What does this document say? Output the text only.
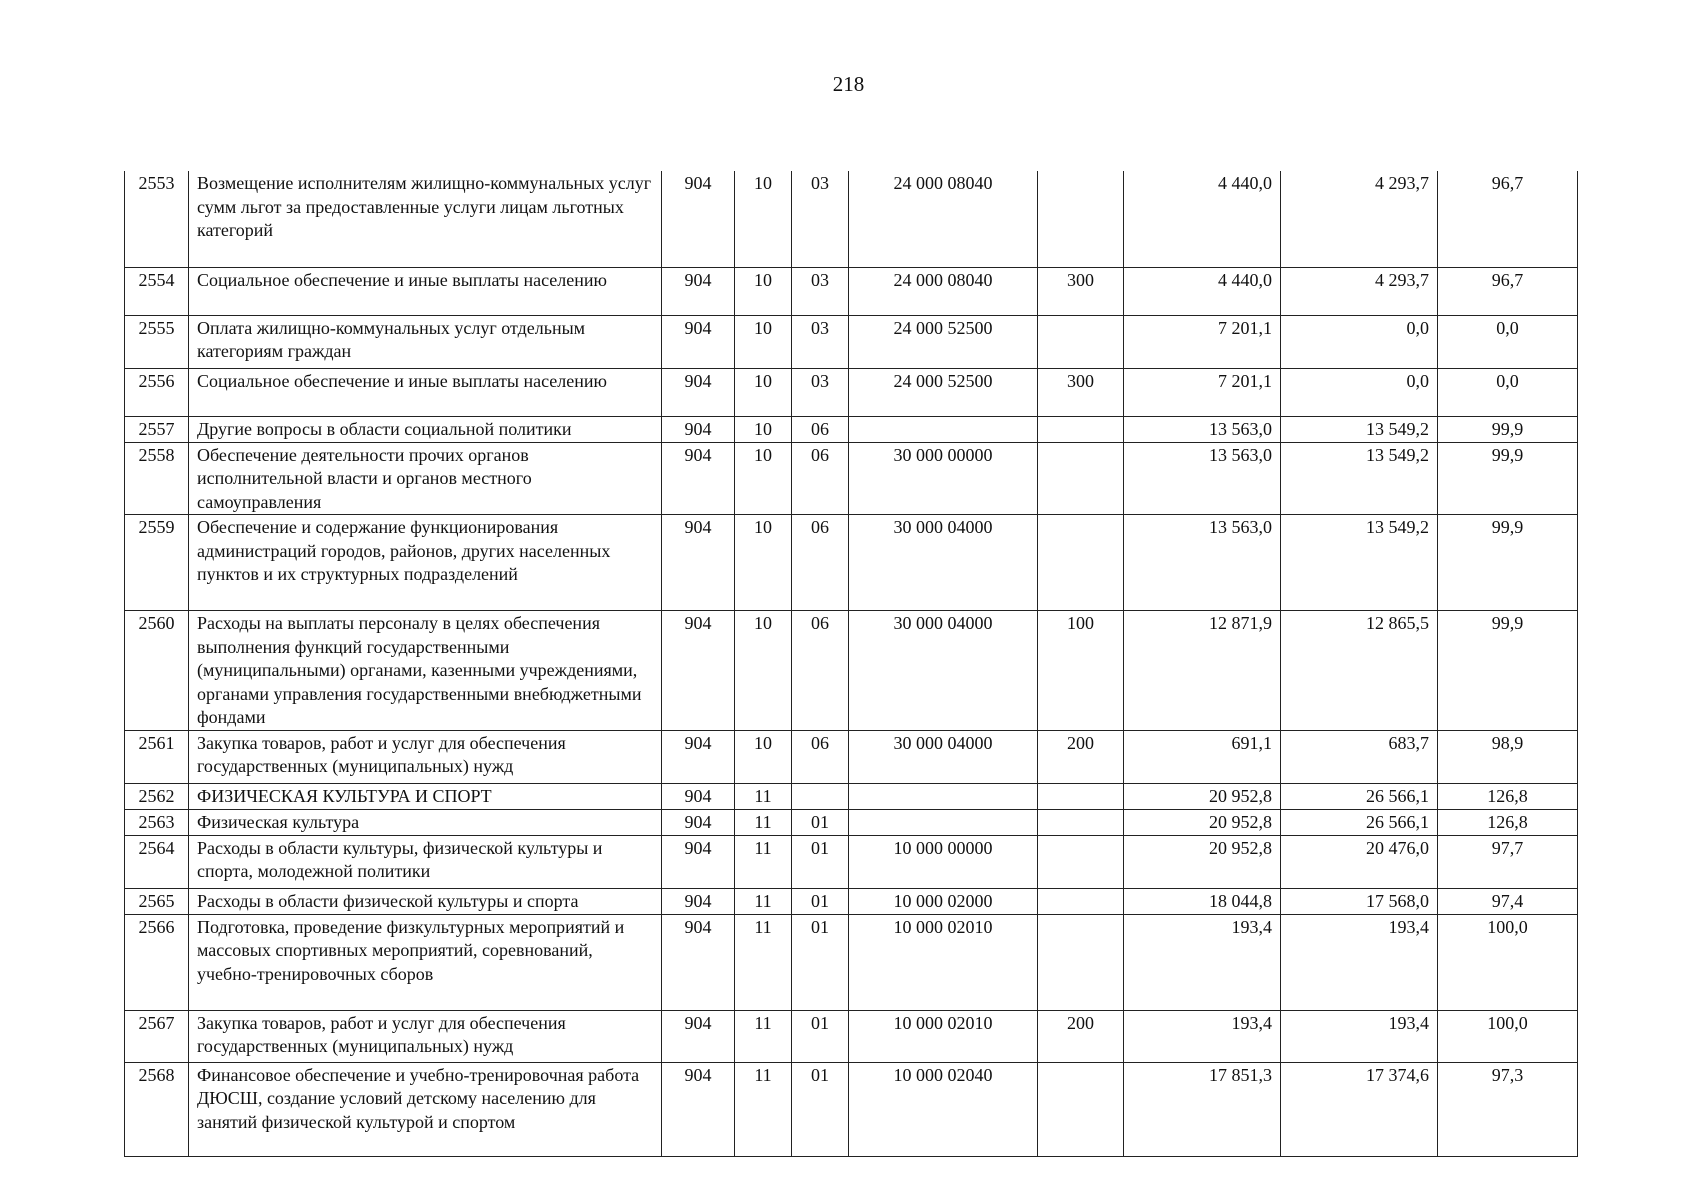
218
2553	Возмещение исполнителям жилищно-коммунальных услуг сумм льгот за предоставленные услуги лицам льготных категорий	904	10	03	24 000 08040		4 440,0	4 293,7	96,7
2554	Социальное обеспечение и иные выплаты населению	904	10	03	24 000 08040	300	4 440,0	4 293,7	96,7
2555	Оплата жилищно-коммунальных услуг отдельным категориям граждан	904	10	03	24 000 52500		7 201,1	0,0	0,0
2556	Социальное обеспечение и иные выплаты населению	904	10	03	24 000 52500	300	7 201,1	0,0	0,0
2557	Другие вопросы в области социальной политики	904	10	06			13 563,0	13 549,2	99,9
2558	Обеспечение деятельности прочих органов исполнительной власти и органов местного самоуправления	904	10	06	30 000 00000		13 563,0	13 549,2	99,9
2559	Обеспечение и содержание функционирования администраций городов, районов, других населенных пунктов и их структурных подразделений	904	10	06	30 000 04000		13 563,0	13 549,2	99,9
2560	Расходы на выплаты персоналу в целях обеспечения выполнения функций государственными (муниципальными) органами, казенными учреждениями, органами управления государственными внебюджетными фондами	904	10	06	30 000 04000	100	12 871,9	12 865,5	99,9
2561	Закупка товаров, работ и услуг для обеспечения государственных (муниципальных) нужд	904	10	06	30 000 04000	200	691,1	683,7	98,9
2562	ФИЗИЧЕСКАЯ КУЛЬТУРА И СПОРТ	904	11				20 952,8	26 566,1	126,8
2563	Физическая культура	904	11	01			20 952,8	26 566,1	126,8
2564	Расходы в области культуры, физической культуры и спорта, молодежной политики	904	11	01	10 000 00000		20 952,8	20 476,0	97,7
2565	Расходы в области физической культуры и спорта	904	11	01	10 000 02000		18 044,8	17 568,0	97,4
2566	Подготовка, проведение физкультурных мероприятий и массовых спортивных мероприятий, соревнований, учебно-тренировочных сборов	904	11	01	10 000 02010		193,4	193,4	100,0
2567	Закупка товаров, работ и услуг для обеспечения государственных (муниципальных) нужд	904	11	01	10 000 02010	200	193,4	193,4	100,0
2568	Финансовое обеспечение и учебно-тренировочная работа ДЮСШ, создание условий детскому населению для занятий физической культурой и спортом	904	11	01	10 000 02040		17 851,3	17 374,6	97,3
